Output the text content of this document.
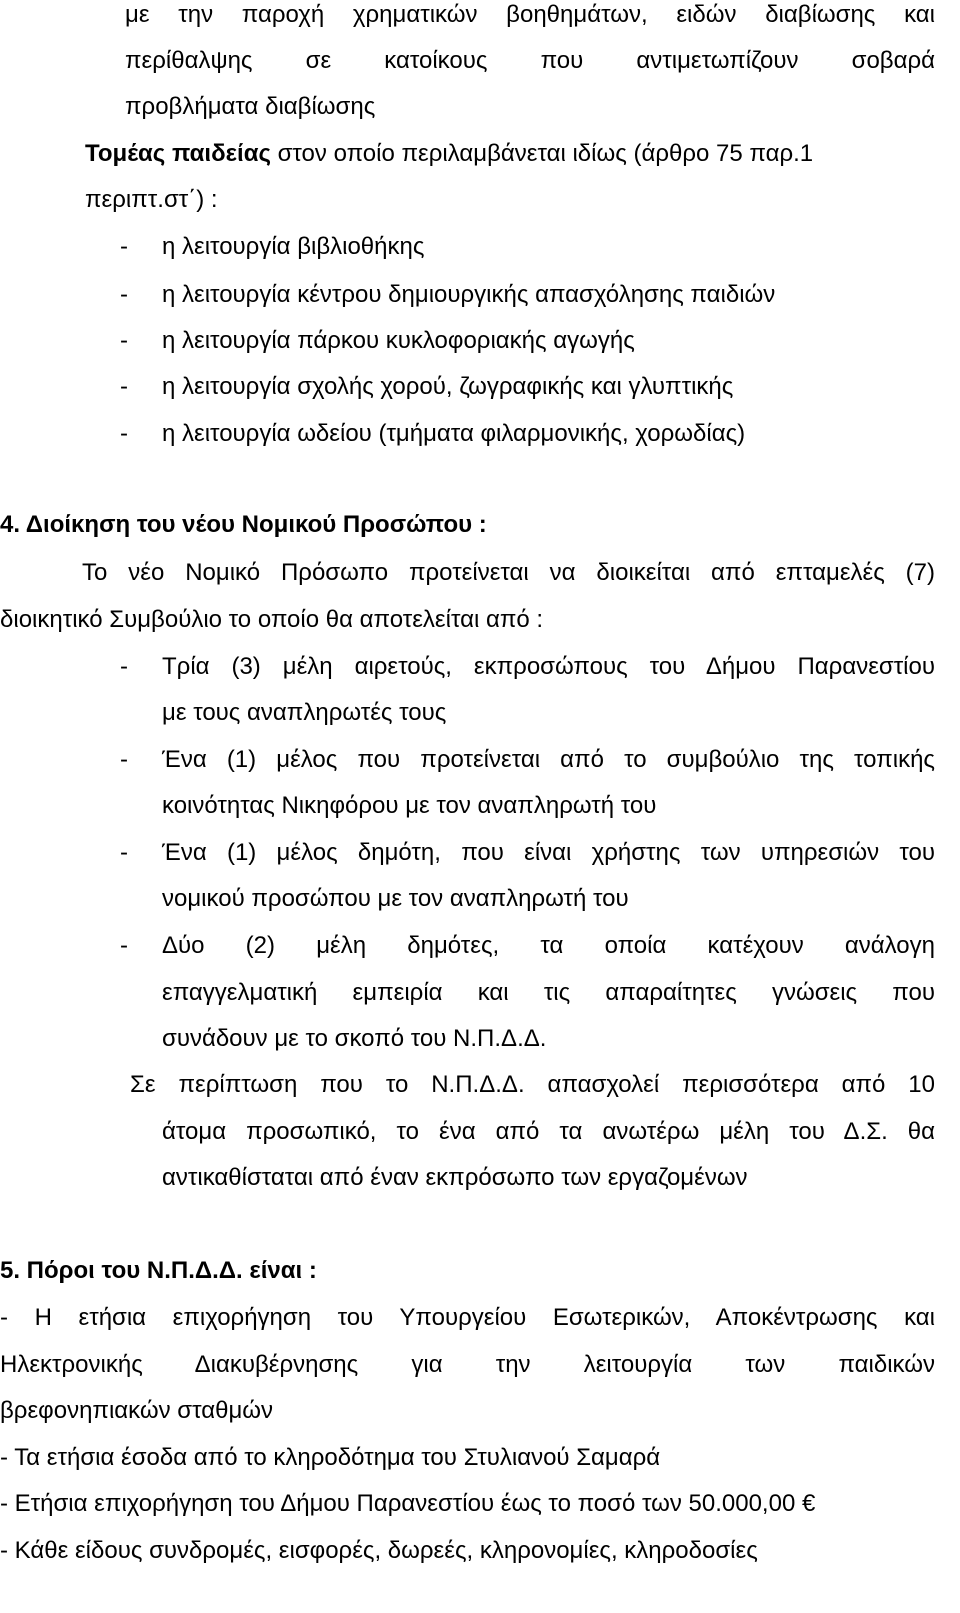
με την παροχή χρηματικών βοηθημάτων, ειδών διαβίωσης και
περίθαλψης σε κατοίκους που αντιμετωπίζουν σοβαρά
προβλήματα διαβίωσης
Τομέας παιδείας στον οποίο περιλαμβάνεται ιδίως (άρθρο 75 παρ.1
περιπτ.στ΄) :
- η λειτουργία βιβλιοθήκης
- η λειτουργία κέντρου δημιουργικής απασχόλησης παιδιών
- η λειτουργία πάρκου κυκλοφοριακής αγωγής
- η λειτουργία σχολής χορού, ζωγραφικής και γλυπτικής
- η λειτουργία ωδείου (τμήματα φιλαρμονικής, χορωδίας)
4. Διοίκηση του νέου Νομικού Προσώπου :
Το νέο Νομικό Πρόσωπο προτείνεται να διοικείται από επταμελές (7)
διοικητικό Συμβούλιο το οποίο θα αποτελείται από :
- Τρία (3) μέλη αιρετούς, εκπροσώπους του Δήμου Παρανεστίου
με τους αναπληρωτές τους
- Ένα (1) μέλος που προτείνεται από το συμβούλιο της τοπικής
κοινότητας Νικηφόρου με τον αναπληρωτή του
- Ένα (1) μέλος δημότη, που είναι χρήστης των υπηρεσιών του
νομικού προσώπου με τον αναπληρωτή του
- Δύο (2) μέλη δημότες, τα οποία κατέχουν ανάλογη
επαγγελματική εμπειρία και τις απαραίτητες γνώσεις που
συνάδουν με το σκοπό του Ν.Π.Δ.Δ.
Σε περίπτωση που το Ν.Π.Δ.Δ. απασχολεί περισσότερα από 10
άτομα προσωπικό, το ένα από τα ανωτέρω μέλη του Δ.Σ. θα
αντικαθίσταται από έναν εκπρόσωπο των εργαζομένων
5. Πόροι του Ν.Π.Δ.Δ. είναι :
- Η ετήσια επιχορήγηση του Υπουργείου Εσωτερικών, Αποκέντρωσης και
Ηλεκτρονικής Διακυβέρνησης για την λειτουργία των παιδικών
βρεφονηπιακών σταθμών
- Τα ετήσια έσοδα από το κληροδότημα του Στυλιανού Σαμαρά
- Ετήσια επιχορήγηση του Δήμου Παρανεστίου έως το ποσό των 50.000,00 €
- Κάθε είδους συνδρομές, εισφορές, δωρεές, κληρονομίες, κληροδοσίες
